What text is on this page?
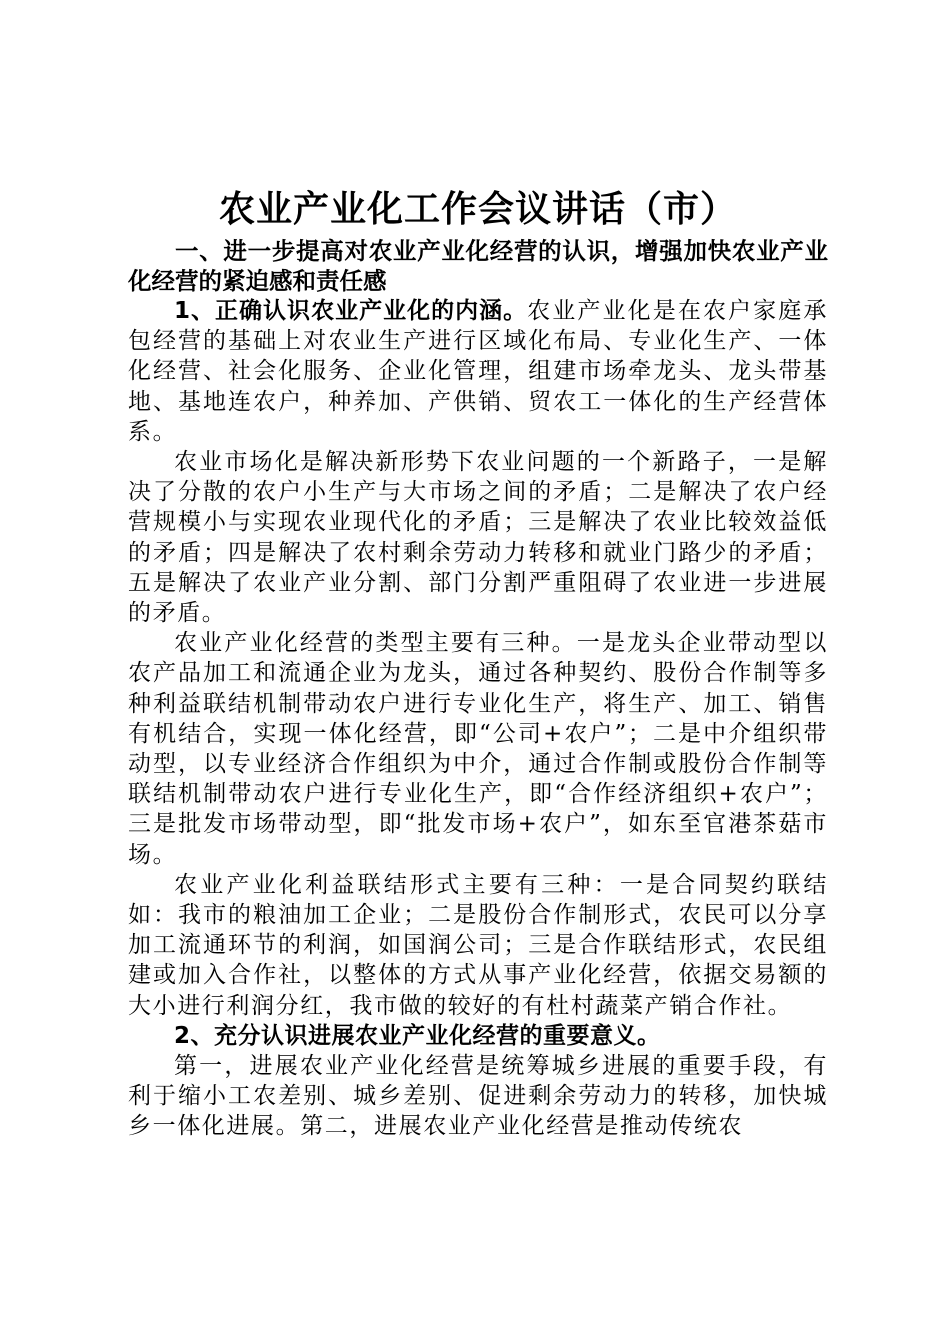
农业产业化工作会议讲话（市）

一、进一步提高对农业产业化经营的认识，增强加快农业产业化经营的紧迫感和责任感

1、正确认识农业产业化的内涵。农业产业化是在农户家庭承包经营的基础上对农业生产进行区域化布局、专业化生产、一体化经营、社会化服务、企业化管理，组建市场牵龙头、龙头带基地、基地连农户，种养加、产供销、贸农工一体化的生产经营体系。

农业市场化是解决新形势下农业问题的一个新路子，一是解决了分散的农户小生产与大市场之间的矛盾；二是解决了农户经营规模小与实现农业现代化的矛盾；三是解决了农业比较效益低的矛盾；四是解决了农村剩余劳动力转移和就业门路少的矛盾；五是解决了农业产业分割、部门分割严重阻碍了农业进一步进展的矛盾。

农业产业化经营的类型主要有三种。一是龙头企业带动型以农产品加工和流通企业为龙头，通过各种契约、股份合作制等多种利益联结机制带动农户进行专业化生产，将生产、加工、销售有机结合，实现一体化经营，即“公司+农户”；二是中介组织带动型，以专业经济合作组织为中介，通过合作制或股份合作制等联结机制带动农户进行专业化生产，即“合作经济组织+农户”；三是批发市场带动型，即“批发市场+农户”，如东至官港茶菇市场。

农业产业化利益联结形式主要有三种：一是合同契约联结如：我市的粮油加工企业；二是股份合作制形式，农民可以分享加工流通环节的利润，如国润公司；三是合作联结形式，农民组建或加入合作社，以整体的方式从事产业化经营，依据交易额的大小进行利润分红，我市做的较好的有杜村蔬菜产销合作社。

2、充分认识进展农业产业化经营的重要意义。

第一，进展农业产业化经营是统筹城乡进展的重要手段，有利于缩小工农差别、城乡差别、促进剩余劳动力的转移，加快城乡一体化进展。第二，进展农业产业化经营是推动传统农
